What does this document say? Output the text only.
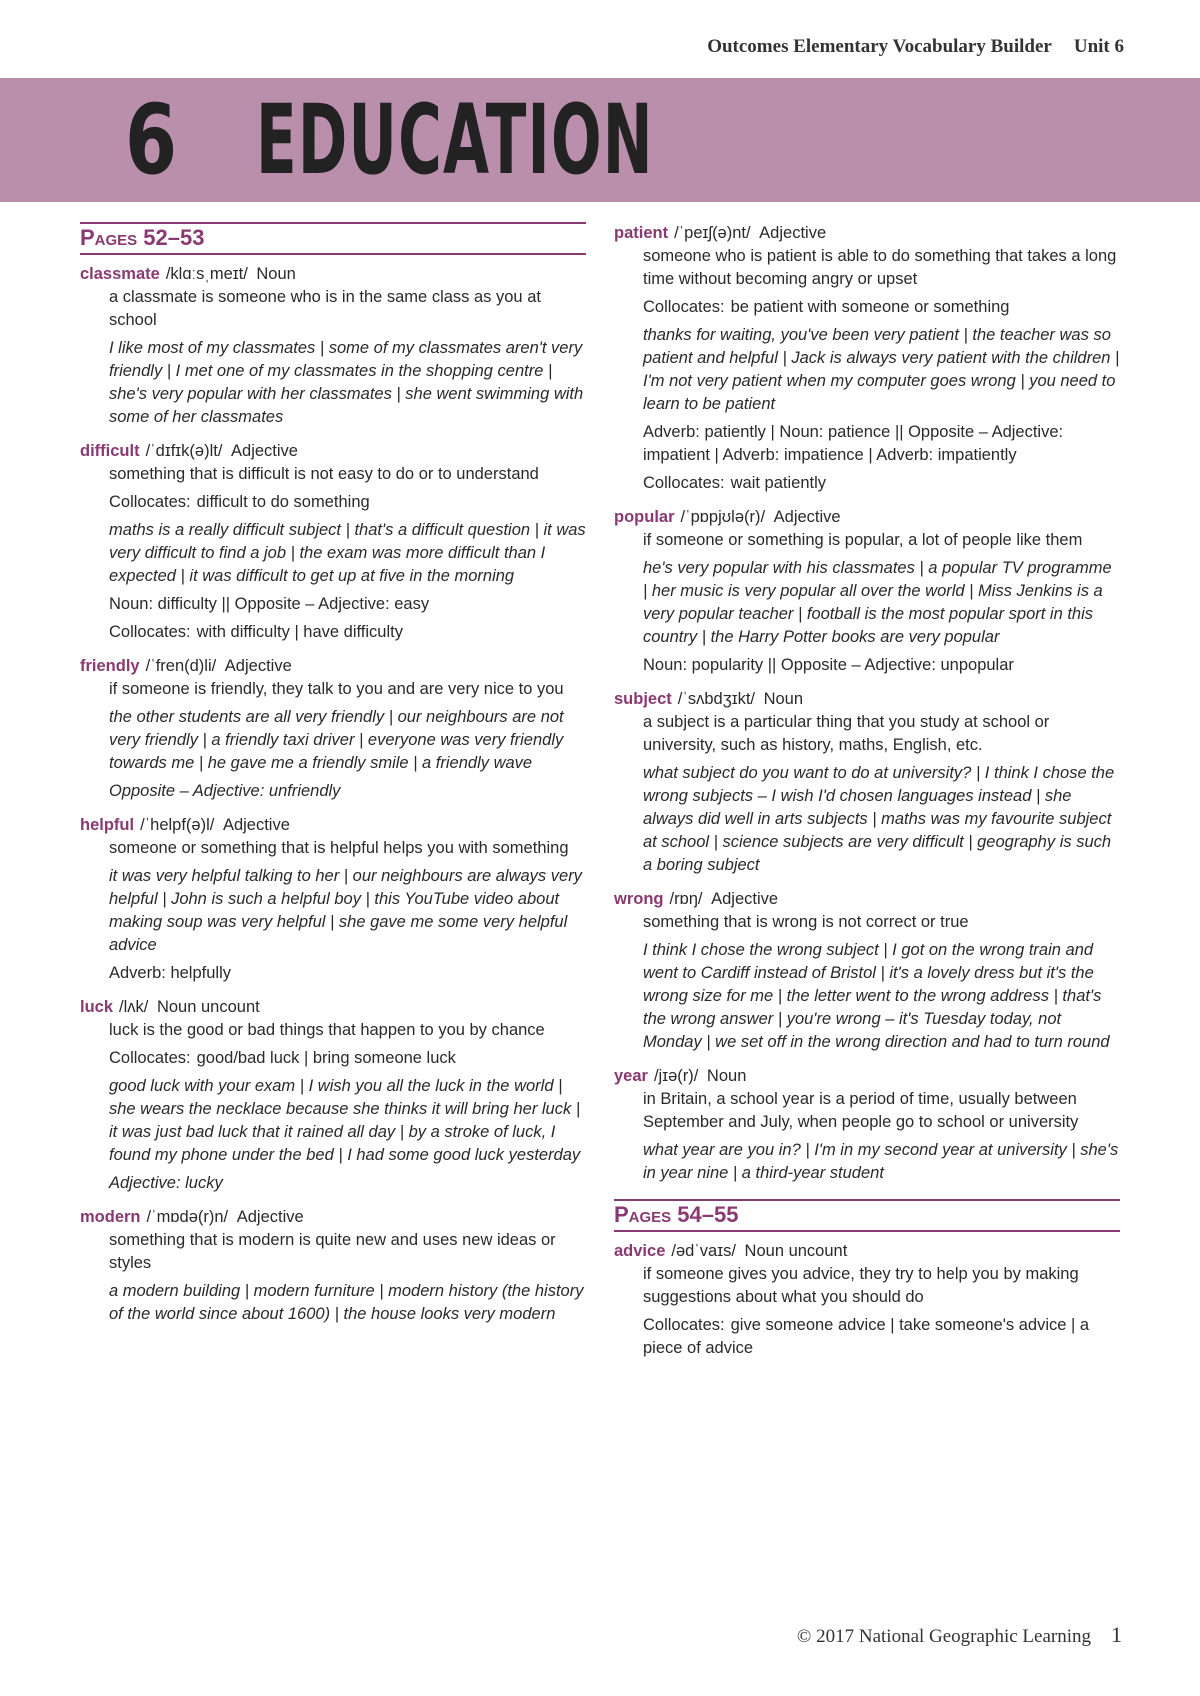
Outcomes Elementary Vocabulary Builder Unit 6
6 EDUCATION
Pages 52–53
classmate /klɑːsˌmeɪt/ Noun

a classmate is someone who is in the same class as you at school

I like most of my classmates | some of my classmates aren't very friendly | I met one of my classmates in the shopping centre | she's very popular with her classmates | she went swimming with some of her classmates

difficult /ˈdɪfɪk(ə)lt/ Adjective

something that is difficult is not easy to do or to understand

Collocates: difficult to do something

maths is a really difficult subject | that's a difficult question | it was very difficult to find a job | the exam was more difficult than I expected | it was difficult to get up at five in the morning

Noun: difficulty || Opposite – Adjective: easy

Collocates: with difficulty | have difficulty

friendly /ˈfren(d)li/ Adjective

if someone is friendly, they talk to you and are very nice to you

the other students are all very friendly | our neighbours are not very friendly | a friendly taxi driver | everyone was very friendly towards me | he gave me a friendly smile | a friendly wave

Opposite – Adjective: unfriendly

helpful /ˈhelpf(ə)l/ Adjective

someone or something that is helpful helps you with something

it was very helpful talking to her | our neighbours are always very helpful | John is such a helpful boy | this YouTube video about making soup was very helpful | she gave me some very helpful advice

Adverb: helpfully

luck /lʌk/ Noun uncount

luck is the good or bad things that happen to you by chance

Collocates: good/bad luck | bring someone luck

good luck with your exam | I wish you all the luck in the world | she wears the necklace because she thinks it will bring her luck | it was just bad luck that it rained all day | by a stroke of luck, I found my phone under the bed | I had some good luck yesterday

Adjective: lucky

modern /ˈmɒdə(r)n/ Adjective

something that is modern is quite new and uses new ideas or styles

a modern building | modern furniture | modern history (the history of the world since about 1600) | the house looks very modern

patient /ˈpeɪʃ(ə)nt/ Adjective

someone who is patient is able to do something that takes a long time without becoming angry or upset

Collocates: be patient with someone or something

thanks for waiting, you've been very patient | the teacher was so patient and helpful | Jack is always very patient with the children | I'm not very patient when my computer goes wrong | you need to learn to be patient

Adverb: patiently | Noun: patience || Opposite – Adjective: impatient | Adverb: impatience | Adverb: impatiently

Collocates: wait patiently

popular /ˈpɒpjʊlə(r)/ Adjective

if someone or something is popular, a lot of people like them

he's very popular with his classmates | a popular TV programme | her music is very popular all over the world | Miss Jenkins is a very popular teacher | football is the most popular sport in this country | the Harry Potter books are very popular

Noun: popularity || Opposite – Adjective: unpopular

subject /ˈsʌbdʒɪkt/ Noun

a subject is a particular thing that you study at school or university, such as history, maths, English, etc.

what subject do you want to do at university? | I think I chose the wrong subjects – I wish I'd chosen languages instead | she always did well in arts subjects | maths was my favourite subject at school | science subjects are very difficult | geography is such a boring subject

wrong /rɒŋ/ Adjective

something that is wrong is not correct or true

I think I chose the wrong subject | I got on the wrong train and went to Cardiff instead of Bristol | it's a lovely dress but it's the wrong size for me | the letter went to the wrong address | that's the wrong answer | you're wrong – it's Tuesday today, not Monday | we set off in the wrong direction and had to turn round

year /jɪə(r)/ Noun

in Britain, a school year is a period of time, usually between September and July, when people go to school or university

what year are you in? | I'm in my second year at university | she's in year nine | a third-year student

Pages 54–55
advice /ədˈvaɪs/ Noun uncount

if someone gives you advice, they try to help you by making suggestions about what you should do

Collocates: give someone advice | take someone's advice | a piece of advice

© 2017 National Geographic Learning 1
